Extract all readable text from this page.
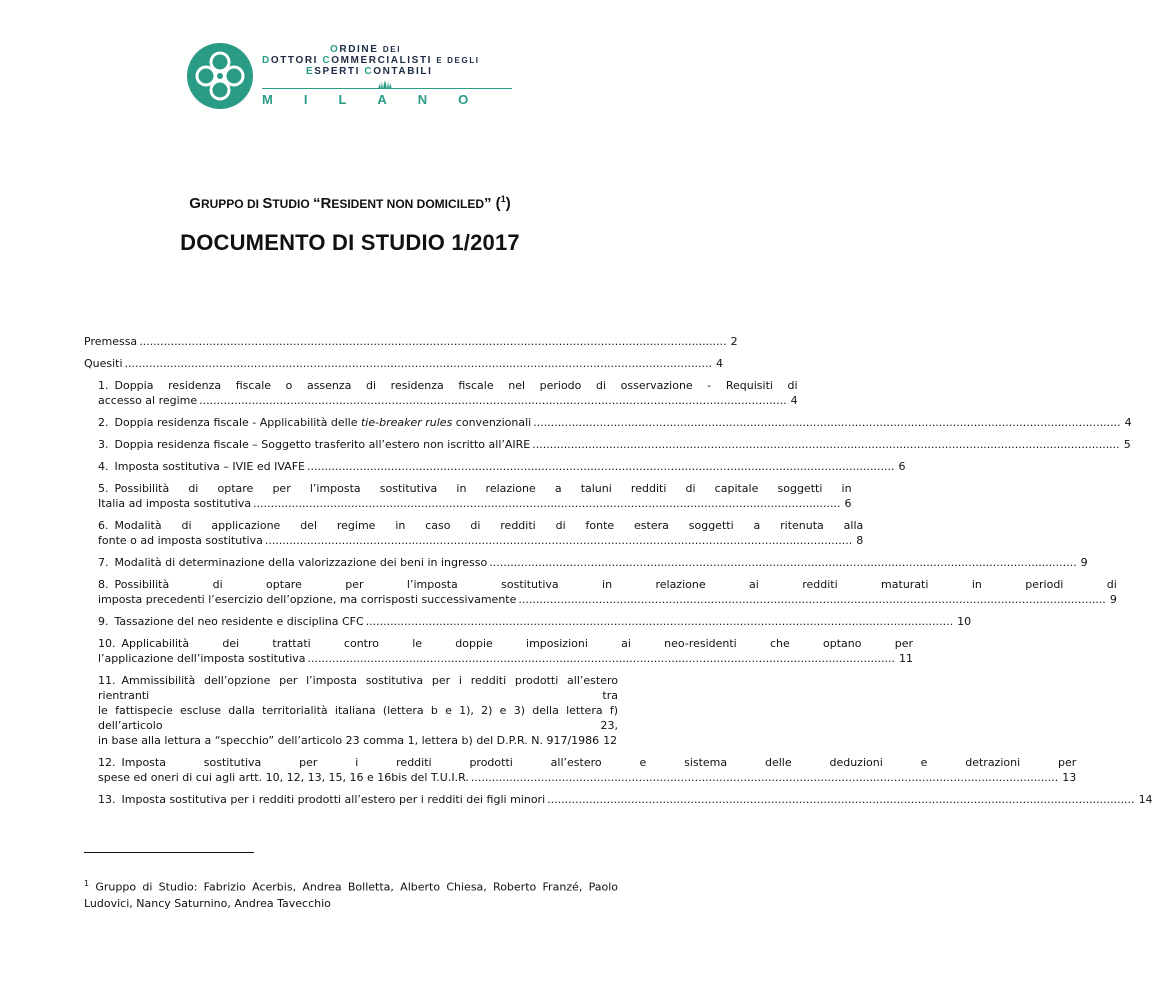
ORDINE DEI
DOTTORI COMMERCIALISTI E DEGLI
ESPERTI CONTABILI
MILANO
GRUPPO DI STUDIO “RESIDENT NON DOMICILED” ($^1$)
DOCUMENTO DI STUDIO 1/2017
Premessa ........................................................................................................................................................................ 2
Quesiti ........................................................................................................................................................................ 4
1. Doppia residenza fiscale o assenza di residenza fiscale nel periodo di osservazione - Requisiti di
accesso al regime ........................................................................................................................................................................ 4
2. Doppia residenza fiscale - Applicabilità delle tie-breaker rules convenzionali ........................................................................................................................................................................ 4
3. Doppia residenza fiscale – Soggetto trasferito all’estero non iscritto all’AIRE ........................................................................................................................................................................ 5
4. Imposta sostitutiva – IVIE ed IVAFE ........................................................................................................................................................................ 6
5. Possibilità di optare per l’imposta sostitutiva in relazione a taluni redditi di capitale soggetti in
Italia ad imposta sostitutiva ........................................................................................................................................................................ 6
6. Modalità di applicazione del regime in caso di redditi di fonte estera soggetti a ritenuta alla
fonte o ad imposta sostitutiva ........................................................................................................................................................................ 8
7. Modalità di determinazione della valorizzazione dei beni in ingresso ........................................................................................................................................................................ 9
8. Possibilità di optare per l’imposta sostitutiva in relazione ai redditi maturati in periodi di
imposta precedenti l’esercizio dell’opzione, ma corrisposti successivamente ........................................................................................................................................................................ 9
9. Tassazione del neo residente e disciplina CFC ........................................................................................................................................................................ 10
10. Applicabilità dei trattati contro le doppie imposizioni ai neo-residenti che optano per
l’applicazione dell’imposta sostitutiva ........................................................................................................................................................................ 11
11. Ammissibilità dell’opzione per l’imposta sostitutiva per i redditi prodotti all’estero rientranti tra
le fattispecie escluse dalla territorialità italiana (lettera b e 1), 2) e 3) della lettera f) dell’articolo 23,
in base alla lettura a “specchio” dell’articolo 23 comma 1, lettera b) del D.P.R. N. 917/1986 12
12. Imposta sostitutiva per i redditi prodotti all’estero e sistema delle deduzioni e detrazioni per
spese ed oneri di cui agli artt. 10, 12, 13, 15, 16 e 16bis del T.U.I.R. ........................................................................................................................................................................ 13
13. Imposta sostitutiva per i redditi prodotti all’estero per i redditi dei figli minori ........................................................................................................................................................................ 14
$^1$ Gruppo di Studio: Fabrizio Acerbis, Andrea Bolletta, Alberto Chiesa, Roberto Franzé, Paolo Ludovici, Nancy Saturnino, Andrea Tavecchio
